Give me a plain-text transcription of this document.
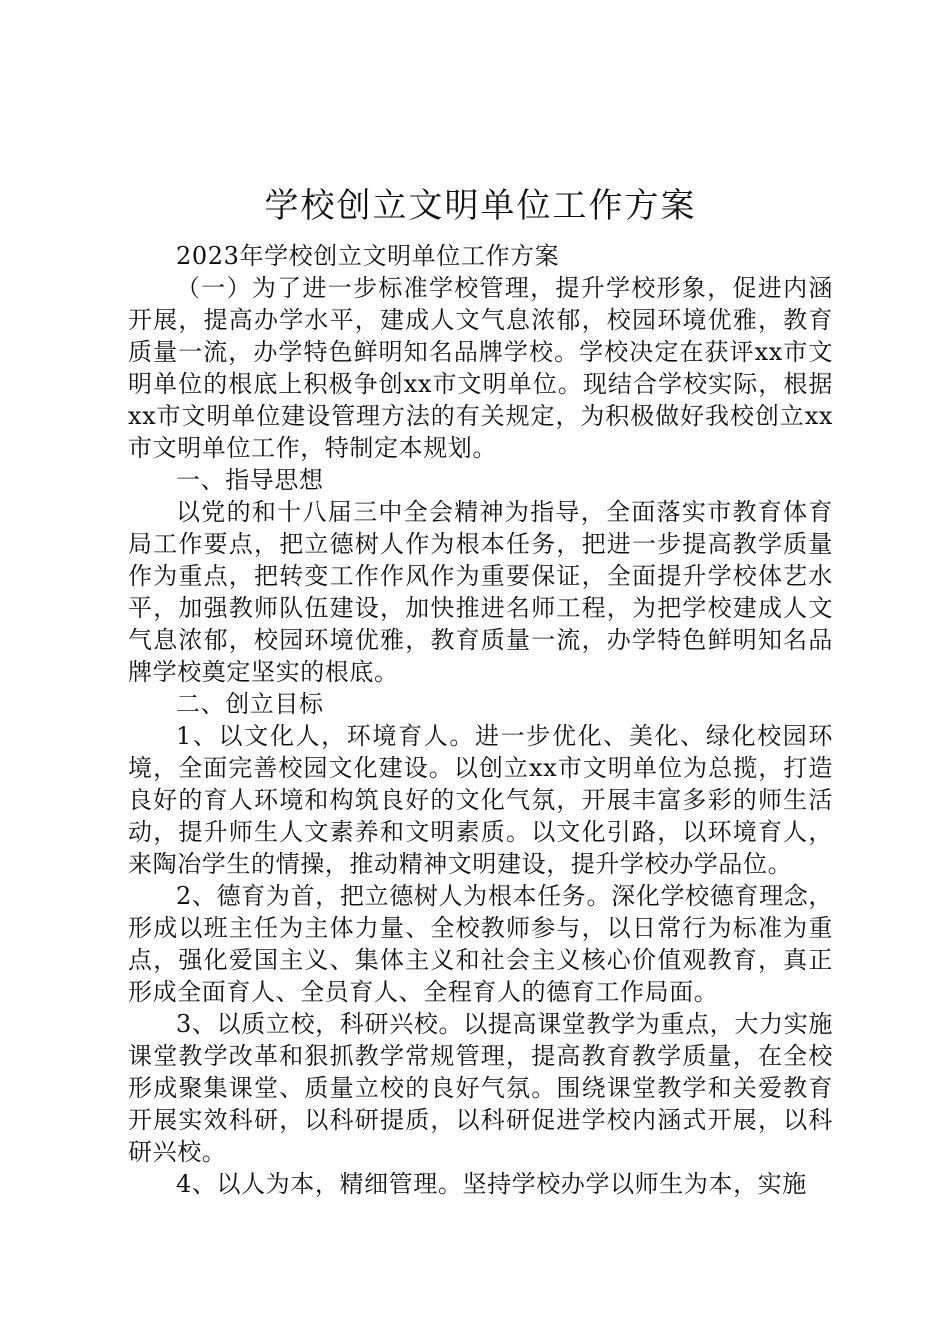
学校创立文明单位工作方案

2023年学校创立文明单位工作方案

（一）为了进一步标准学校管理，提升学校形象，促进内涵开展，提高办学水平，建成人文气息浓郁，校园环境优雅，教育质量一流，办学特色鲜明知名品牌学校。学校决定在获评xx市文明单位的根底上积极争创xx市文明单位。现结合学校实际，根据xx市文明单位建设管理方法的有关规定，为积极做好我校创立xx市文明单位工作，特制定本规划。

一、指导思想

以党的和十八届三中全会精神为指导，全面落实市教育体育局工作要点，把立德树人作为根本任务，把进一步提高教学质量作为重点，把转变工作作风作为重要保证，全面提升学校体艺水平，加强教师队伍建设，加快推进名师工程，为把学校建成人文气息浓郁，校园环境优雅，教育质量一流，办学特色鲜明知名品牌学校奠定坚实的根底。

二、创立目标

1、以文化人，环境育人。进一步优化、美化、绿化校园环境，全面完善校园文化建设。以创立xx市文明单位为总揽，打造良好的育人环境和构筑良好的文化气氛，开展丰富多彩的师生活动，提升师生人文素养和文明素质。以文化引路，以环境育人，来陶冶学生的情操，推动精神文明建设，提升学校办学品位。

2、德育为首，把立德树人为根本任务。深化学校德育理念，形成以班主任为主体力量、全校教师参与，以日常行为标准为重点，强化爱国主义、集体主义和社会主义核心价值观教育，真正形成全面育人、全员育人、全程育人的德育工作局面。

3、以质立校，科研兴校。以提高课堂教学为重点，大力实施课堂教学改革和狠抓教学常规管理，提高教育教学质量，在全校形成聚集课堂、质量立校的良好气氛。围绕课堂教学和关爱教育开展实效科研，以科研提质，以科研促进学校内涵式开展，以科研兴校。

4、以人为本，精细管理。坚持学校办学以师生为本，实施
